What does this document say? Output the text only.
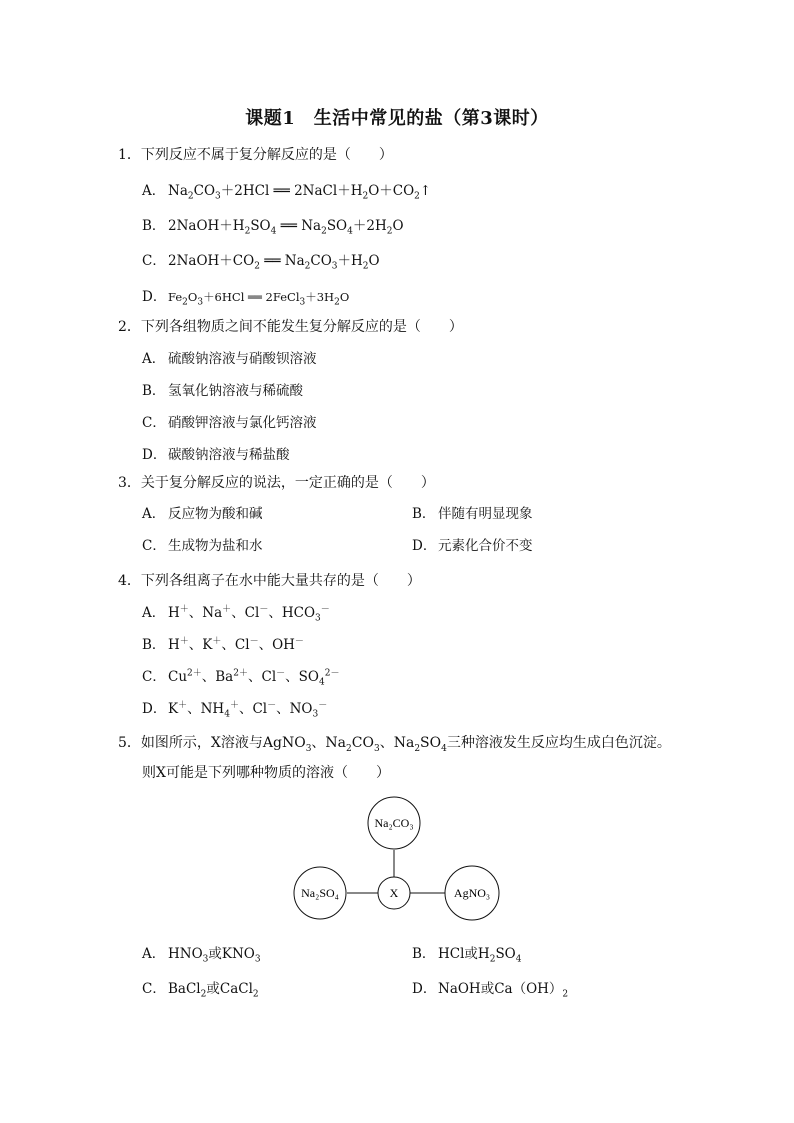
课题1　生活中常见的盐（第3课时）
1．下列反应不属于复分解反应的是（　　）
A． $Na_2CO_3+2HCl$ ══ $2NaCl+H_2O+CO_2↑$
B． $2NaOH+H_2SO_4$ ══ $Na_2SO_4+2H_2O$
C． $2NaOH+CO_2$ ══ $Na_2CO_3+H_2O$
D． $Fe_2O_3+6HCl$ ══ $2FeCl_3+3H_2O$
2．下列各组物质之间不能发生复分解反应的是（　　）
A． 硫酸钠溶液与硝酸钡溶液
B． 氢氧化钠溶液与稀硫酸
C． 硝酸钾溶液与氯化钙溶液
D． 碳酸钠溶液与稀盐酸
3．关于复分解反应的说法，一定正确的是（　　）
A． 反应物为酸和碱	B． 伴随有明显现象
C． 生成物为盐和水	D． 元素化合价不变
4．下列各组离子在水中能大量共存的是（　　）
A． H＋、Na＋、Cl－、$HCO_3^-$
B． H＋、K＋、Cl－、OH－
C． $Cu^{2+}$、$Ba^{2+}$、Cl－、$SO_4^{2-}$
D． K＋、$NH_4^+$、Cl－、$NO_3^-$
5．如图所示，X溶液与AgNO$_3$、$Na_2CO_3$、$Na_2SO_4$三种溶液发生反应均生成白色沉淀。
则X可能是下列哪种物质的溶液（　　）
Na₂CO₃
Na₂SO₄	X	AgNO₃
A． $HNO_3$或$KNO_3$	B． HCl或$H_2SO_4$
C． BaCl$_2$或CaCl$_2$	D． NaOH或$Ca(OH)_2$
